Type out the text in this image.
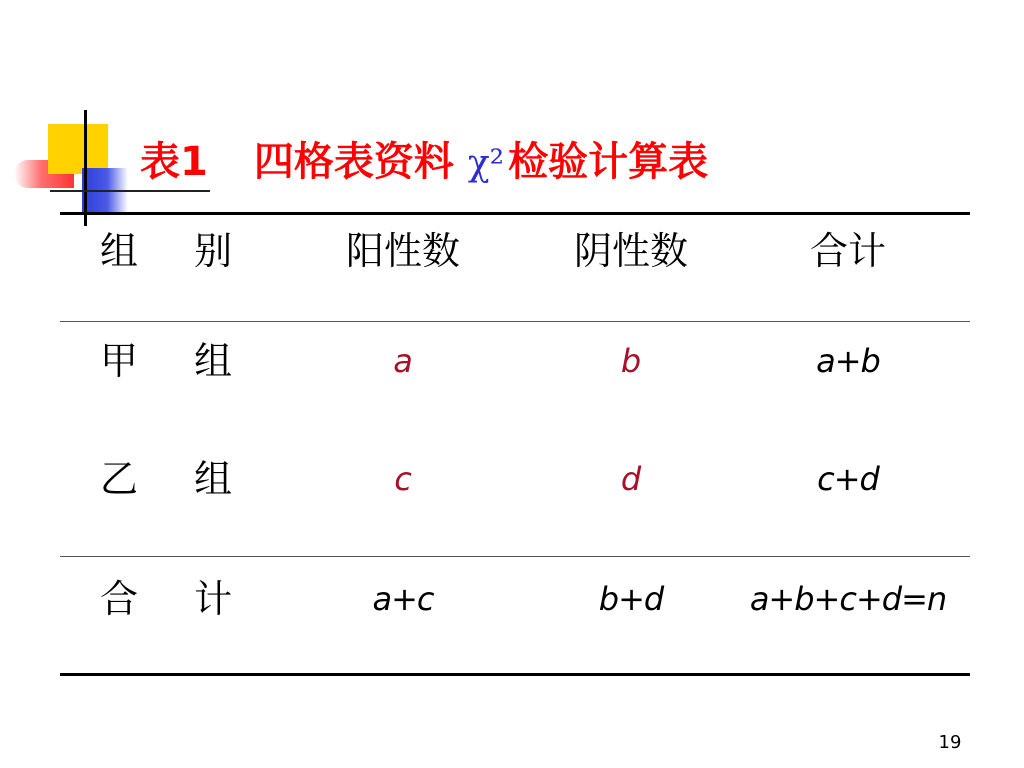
表1 四格表资料 χ² 检验计算表
组 别	阳性数	阴性数	合计
甲 组	a	b	a+b
乙 组	c	d	c+d
合 计	a+c	b+d	a+b+c+d=n
19
